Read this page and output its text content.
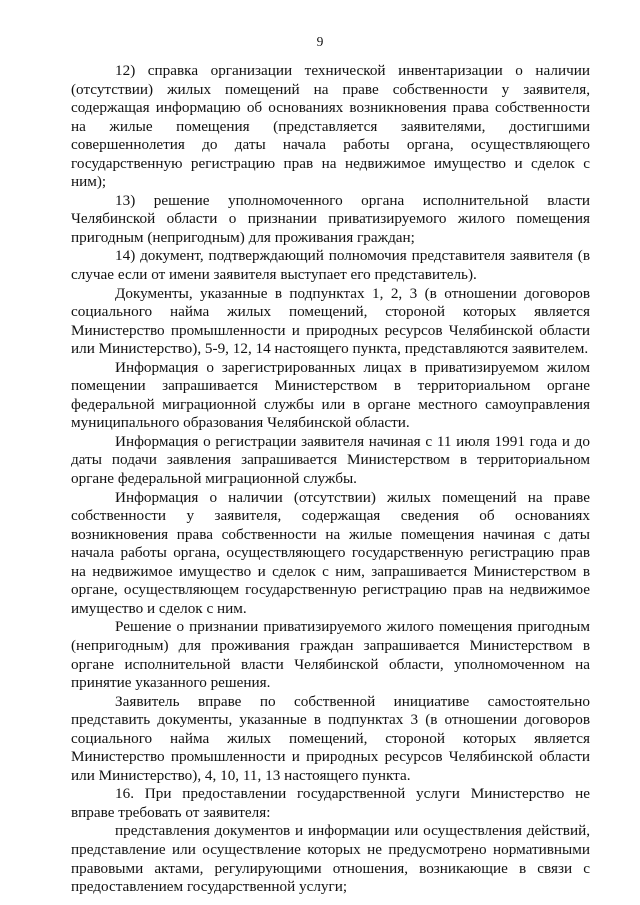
9

12) справка организации технической инвентаризации о наличии (отсутствии) жилых помещений на праве собственности у заявителя, содержащая информацию об основаниях возникновения права собственности на жилые помещения (представляется заявителями, достигшими совершеннолетия до даты начала работы органа, осуществляющего государственную регистрацию прав на недвижимое имущество и сделок с ним);

13) решение уполномоченного органа исполнительной власти Челябинской области о признании приватизируемого жилого помещения пригодным (непригодным) для проживания граждан;

14) документ, подтверждающий полномочия представителя заявителя (в случае если от имени заявителя выступает его представитель).

Документы, указанные в подпунктах 1, 2, 3 (в отношении договоров социального найма жилых помещений, стороной которых является Министерство промышленности и природных ресурсов Челябинской области или Министерство), 5-9, 12, 14 настоящего пункта, представляются заявителем.

Информация о зарегистрированных лицах в приватизируемом жилом помещении запрашивается Министерством в территориальном органе федеральной миграционной службы или в органе местного самоуправления муниципального образования Челябинской области.

Информация о регистрации заявителя начиная с 11 июля 1991 года и до даты подачи заявления запрашивается Министерством в территориальном органе федеральной миграционной службы.

Информация о наличии (отсутствии) жилых помещений на праве собственности у заявителя, содержащая сведения об основаниях возникновения права собственности на жилые помещения начиная с даты начала работы органа, осуществляющего государственную регистрацию прав на недвижимое имущество и сделок с ним, запрашивается Министерством в органе, осуществляющем государственную регистрацию прав на недвижимое имущество и сделок с ним.

Решение о признании приватизируемого жилого помещения пригодным (непригодным) для проживания граждан запрашивается Министерством в органе исполнительной власти Челябинской области, уполномоченном на принятие указанного решения.

Заявитель вправе по собственной инициативе самостоятельно представить документы, указанные в подпунктах 3 (в отношении договоров социального найма жилых помещений, стороной которых является Министерство промышленности и природных ресурсов Челябинской области или Министерство), 4, 10, 11, 13 настоящего пункта.

16. При предоставлении государственной услуги Министерство не вправе требовать от заявителя:

представления документов и информации или осуществления действий, представление или осуществление которых не предусмотрено нормативными правовыми актами, регулирующими отношения, возникающие в связи с предоставлением государственной услуги;
